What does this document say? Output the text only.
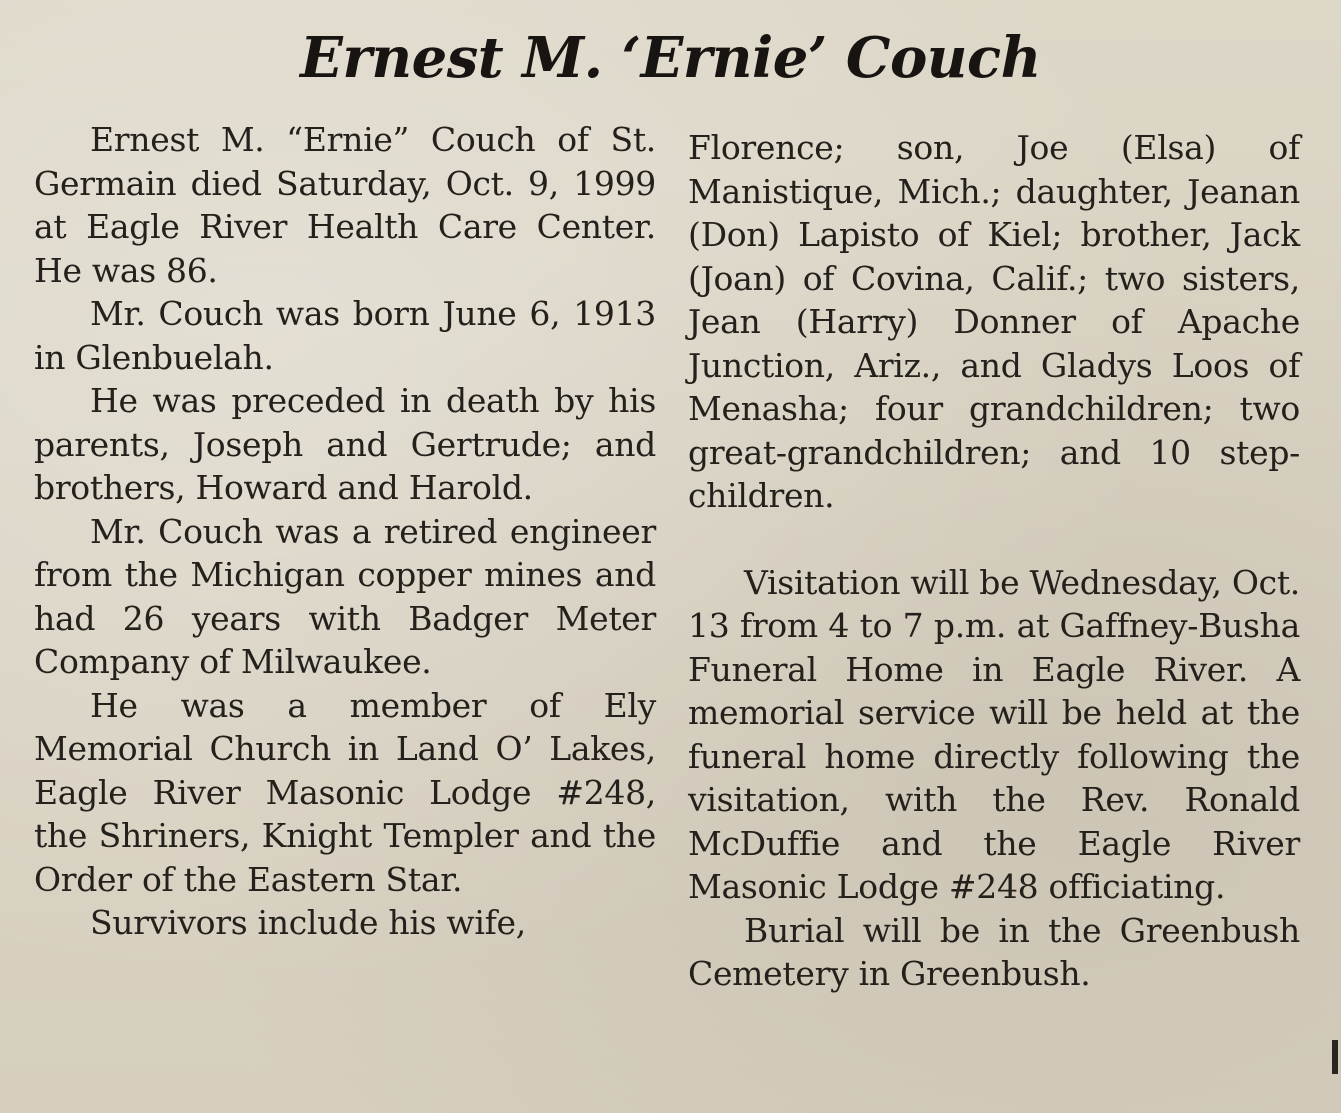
Ernest M. ‘Ernie’ Couch

Ernest M. “Ernie” Couch of St. Germain died Saturday, Oct. 9, 1999 at Eagle River Health Care Center. He was 86.

Mr. Couch was born June 6, 1913 in Glenbuelah.

He was preceded in death by his parents, Joseph and Gertrude; and brothers, Howard and Harold.

Mr. Couch was a retired engineer from the Michigan copper mines and had 26 years with Badger Meter Company of Milwaukee.

He was a member of Ely Memorial Church in Land O’ Lakes, Eagle River Masonic Lodge #248, the Shriners, Knight Templer and the Order of the Eastern Star.

Survivors include his wife,

Florence; son, Joe (Elsa) of Manistique, Mich.; daughter, Jeanan (Don) Lapisto of Kiel; brother, Jack (Joan) of Covina, Calif.; two sisters, Jean (Harry) Donner of Apache Junction, Ariz., and Gladys Loos of Menasha; four grandchildren; two great-grandchildren; and 10 step-children.

Visitation will be Wednesday, Oct. 13 from 4 to 7 p.m. at Gaffney-Busha Funeral Home in Eagle River. A memorial service will be held at the funeral home directly following the visitation, with the Rev. Ronald McDuffie and the Eagle River Masonic Lodge #248 officiating.

Burial will be in the Greenbush Cemetery in Greenbush.
